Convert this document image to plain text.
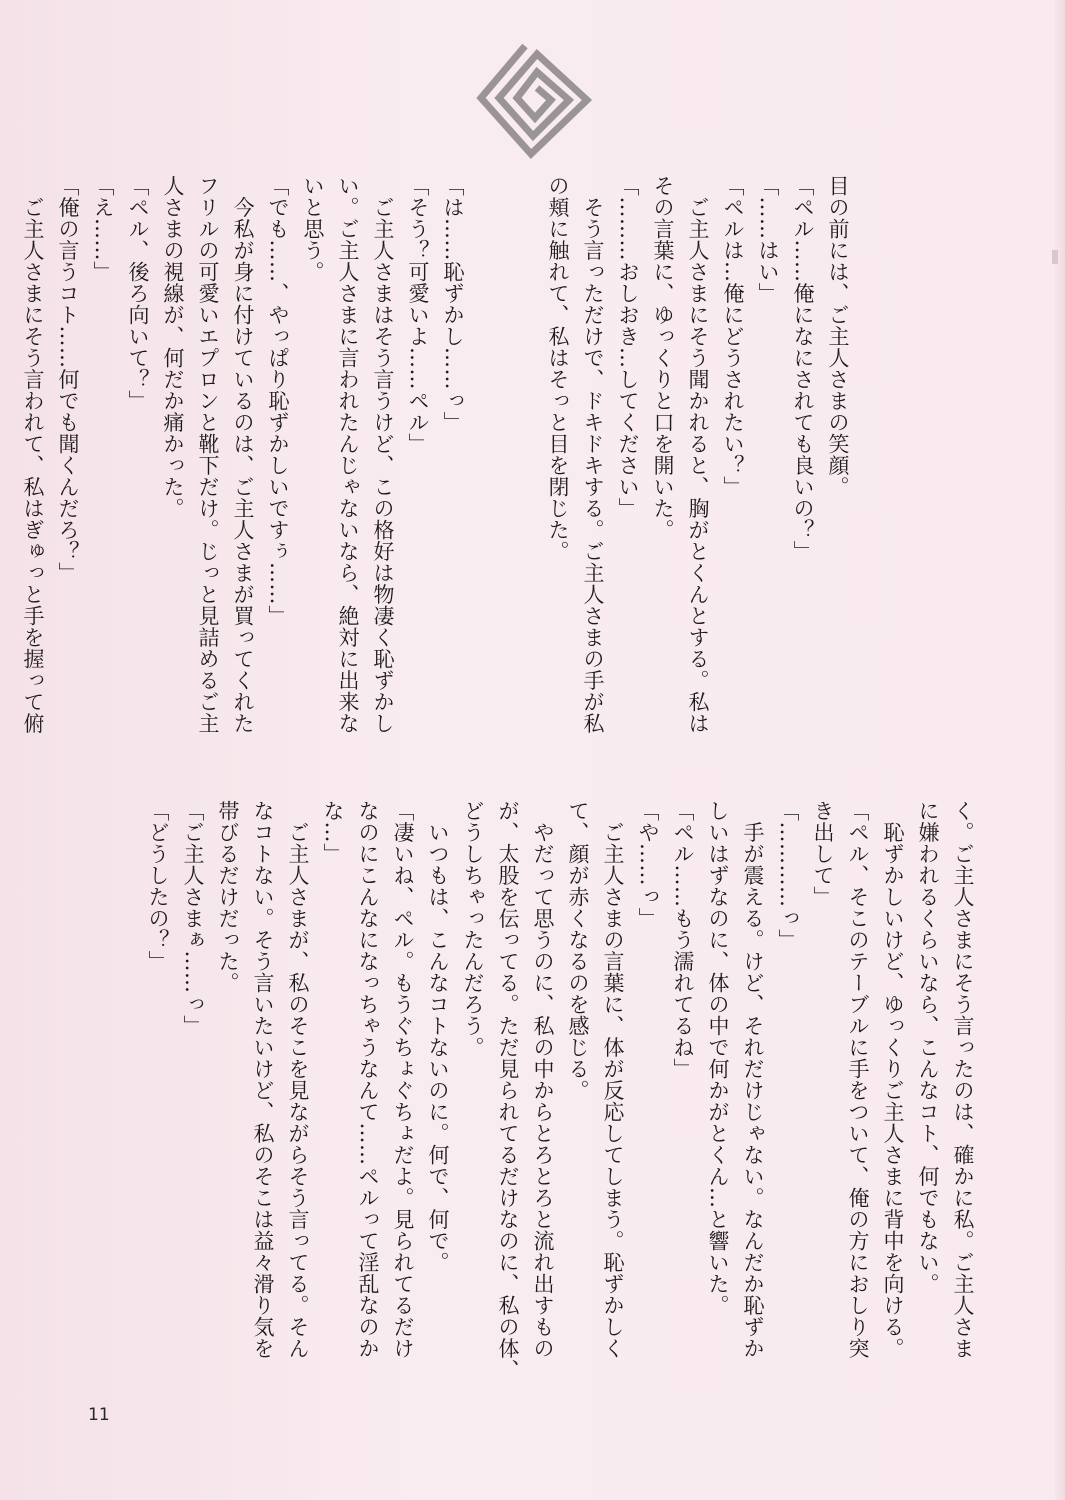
目の前には、ご主人さまの笑顔。

「ペル……俺になにされても良いの？」

「……はい」

「ペルは…俺にどうされたい？」

　ご主人さまにそう聞かれると、胸がとくんとする。私は

その言葉に、ゆっくりと口を開いた。

「………おしおき…してください」

　そう言っただけで、ドキドキする。ご主人さまの手が私

の頬に触れて、私はそっと目を閉じた。

「は……恥ずかし……っ」

「そう？可愛いよ……ペル」

　ご主人さまはそう言うけど、この格好は物凄く恥ずかし

い。ご主人さまに言われたんじゃないなら、絶対に出来な

いと思う。

「でも……、やっぱり恥ずかしいですぅ……」

　今私が身に付けているのは、ご主人さまが買ってくれた

フリルの可愛いエプロンと靴下だけ。じっと見詰めるご主

人さまの視線が、何だか痛かった。

「ペル、後ろ向いて？」

「え……」

「俺の言うコト……何でも聞くんだろ？」

　ご主人さまにそう言われて、私はぎゅっと手を握って俯

く。ご主人さまにそう言ったのは、確かに私。ご主人さま

に嫌われるくらいなら、こんなコト、何でもない。

　恥ずかしいけど、ゆっくりご主人さまに背中を向ける。

「ペル、そこのテーブルに手をついて、俺の方におしり突

き出して」

「…………っ」

　手が震える。けど、それだけじゃない。なんだか恥ずか

しいはずなのに、体の中で何かがとくん…と響いた。

「ペル……もう濡れてるね」

「や……っ」

　ご主人さまの言葉に、体が反応してしまう。恥ずかしく

て、顔が赤くなるのを感じる。

　やだって思うのに、私の中からとろとろと流れ出すもの

が、太股を伝ってる。ただ見られてるだけなのに、私の体、

どうしちゃったんだろう。

　いつもは、こんなコトないのに。何で、何で。

「凄いね、ペル。もうぐちょぐちょだよ。見られてるだけ

なのにこんなになっちゃうなんて……ペルって淫乱なのか

な…」

　ご主人さまが、私のそこを見ながらそう言ってる。そん

なコトない。そう言いたいけど、私のそこは益々滑り気を

帯びるだけだった。

「ご主人さまぁ……っ」

「どうしたの？」

11
